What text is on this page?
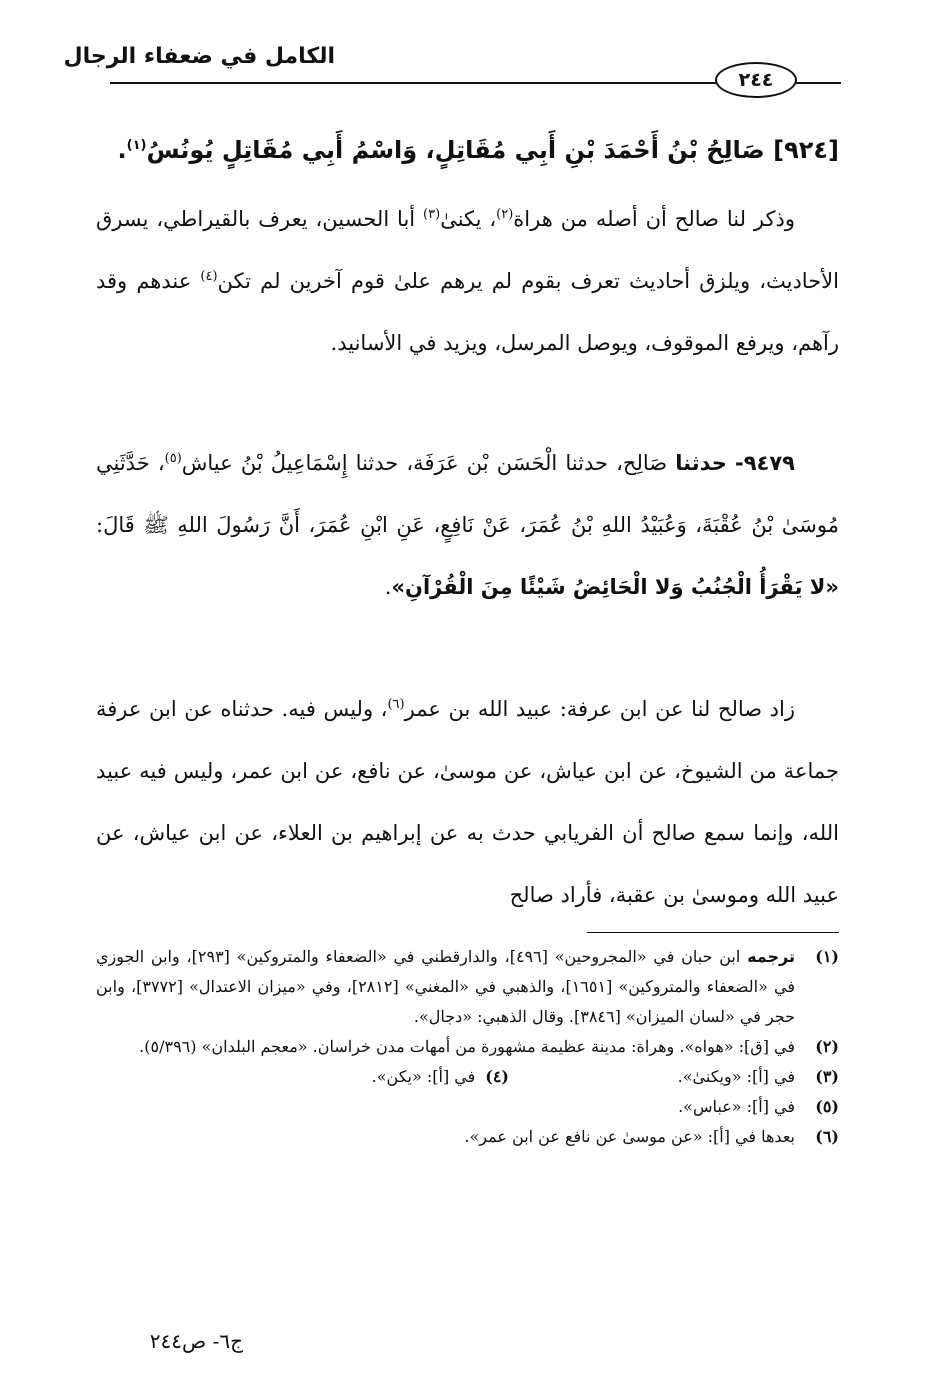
الكامل في ضعفاء الرجال
٢٤٤
[٩٢٤] صَالِحُ بْنُ أَحْمَدَ بْنِ أَبِي مُقَاتِلٍ، وَاسْمُ أَبِي مُقَاتِلٍ يُونُسُ$^{(١)}$.
وذكر لنا صالح أن أصله من هراة$^{(٢)}$، يكنىٰ$^{(٣)}$ أبا الحسين، يعرف بالقيراطي، يسرق الأحاديث، ويلزق أحاديث تعرف بقوم لم يرهم علىٰ قوم آخرين لم تكن$^{(٤)}$ عندهم وقد رآهم، ويرفع الموقوف، ويوصل المرسل، ويزيد في الأسانيد.
٩٤٧٩- حدثنا صَالِح، حدثنا الْحَسَن بْن عَرَفَة، حدثنا إِسْمَاعِيلُ بْنُ عياش$^{(٥)}$، حَدَّثَنِي مُوسَىٰ بْنُ عُقْبَةَ، وَعُبَيْدُ اللهِ بْنُ عُمَرَ، عَنْ نَافِعٍ، عَنِ ابْنِ عُمَرَ، أَنَّ رَسُولَ اللهِ ﷺ قَالَ: «لا يَقْرَأُ الْجُنُبُ وَلا الْحَائِضُ شَيْئًا مِنَ الْقُرْآنِ».
زاد صالح لنا عن ابن عرفة: عبيد الله بن عمر$^{(٦)}$، وليس فيه. حدثناه عن ابن عرفة جماعة من الشيوخ، عن ابن عياش، عن موسىٰ، عن نافع، عن ابن عمر، وليس فيه عبيد الله، وإنما سمع صالح أن الفريابي حدث به عن إبراهيم بن العلاء، عن ابن عياش، عن عبيد الله وموسىٰ بن عقبة، فأراد صالح
(١)
ترجمه ابن حبان في «المجروحين» [٤٩٦]، والدارقطني في «الضعفاء والمتروكين» [٢٩٣]، وابن الجوزي في «الضعفاء والمتروكين» [١٦٥١]، والذهبي في «المغني» [٢٨١٢]، وفي «ميزان الاعتدال» [٣٧٧٢]، وابن حجر في «لسان الميزان» [٣٨٤٦]. وقال الذهبي: «دجال».
(٢)
في [ق]: «هواه». وهراة: مدينة عظيمة مشهورة من أمهات مدن خراسان. «معجم البلدان» (٥/٣٩٦).
(٣)
في [أ]: «ويكنىٰ».
(٤)في [أ]: «يكن».
(٥)
في [أ]: «عباس».
(٦)
بعدها في [أ]: «عن موسىٰ عن نافع عن ابن عمر».
ج٦- ص٢٤٤
